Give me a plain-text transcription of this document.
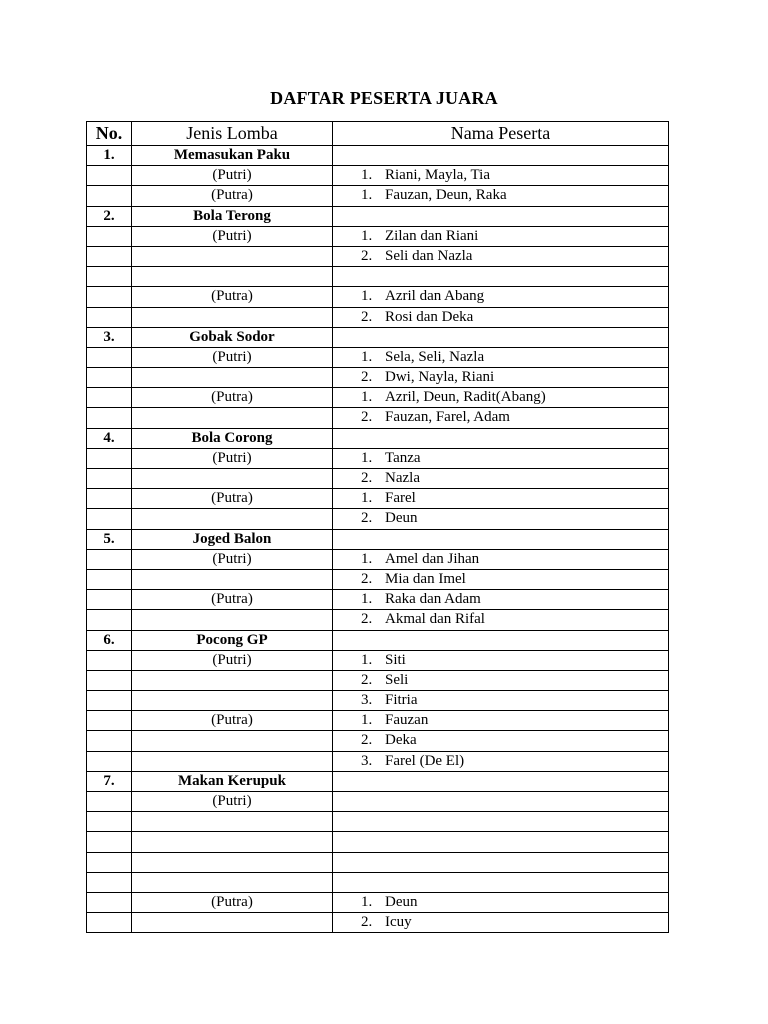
DAFTAR PESERTA JUARA
No.	Jenis Lomba	Nama Peserta
1.	Memasukan Paku	
	(Putri)	1. Riani, Mayla, Tia
	(Putra)	1. Fauzan, Deun, Raka
2.	Bola Terong	
	(Putri)	1. Zilan dan Riani
		2. Seli dan Nazla

	(Putra)	1. Azril dan Abang
		2. Rosi dan Deka
3.	Gobak Sodor	
	(Putri)	1. Sela, Seli, Nazla
		2. Dwi, Nayla, Riani
	(Putra)	1. Azril, Deun, Radit(Abang)
		2. Fauzan, Farel, Adam
4.	Bola Corong	
	(Putri)	1. Tanza
		2. Nazla
	(Putra)	1. Farel
		2. Deun
5.	Joged Balon	
	(Putri)	1. Amel dan Jihan
		2. Mia dan Imel
	(Putra)	1. Raka dan Adam
		2. Akmal dan Rifal
6.	Pocong GP	
	(Putri)	1. Siti
		2. Seli
		3. Fitria
	(Putra)	1. Fauzan
		2. Deka
		3. Farel (De El)
7.	Makan Kerupuk	
	(Putri)	

	(Putra)	1. Deun
		2. Icuy
